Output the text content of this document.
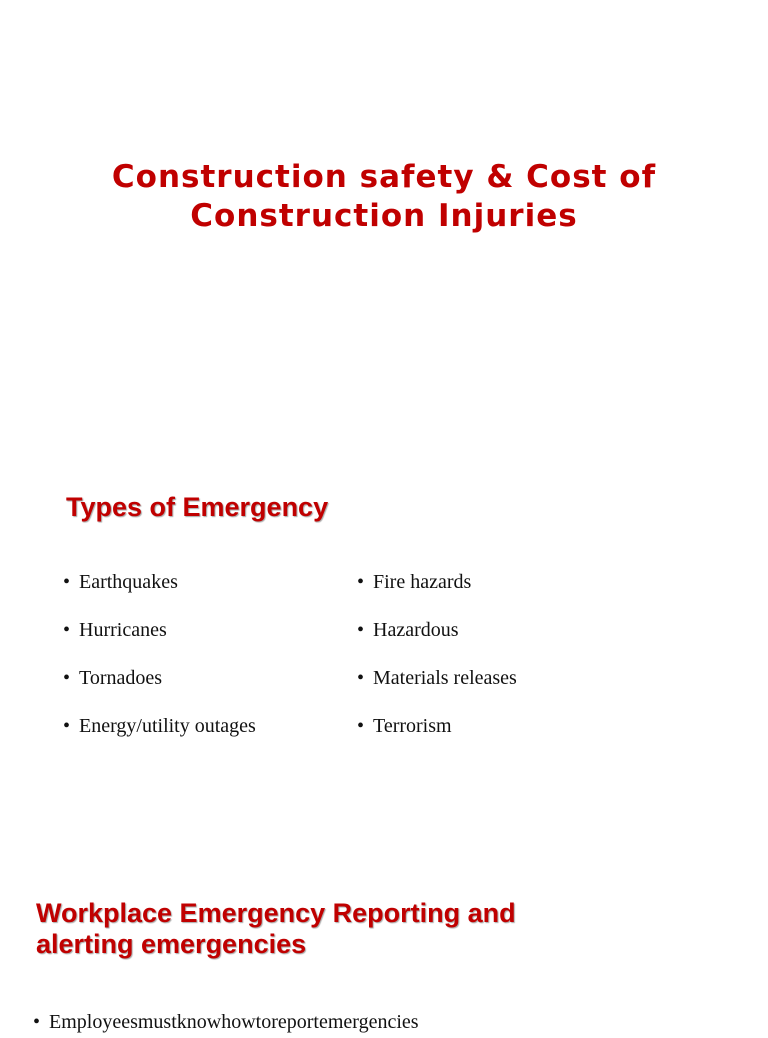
Construction safety & Cost of
Construction Injuries
Types of Emergency
• Earthquakes
• Hurricanes
• Tornadoes
• Energy/utility outages
• Fire hazards
• Hazardous
• Materials releases
• Terrorism
Workplace Emergency Reporting and
alerting emergencies
• Employeesmustknowhowtoreportemergencies
